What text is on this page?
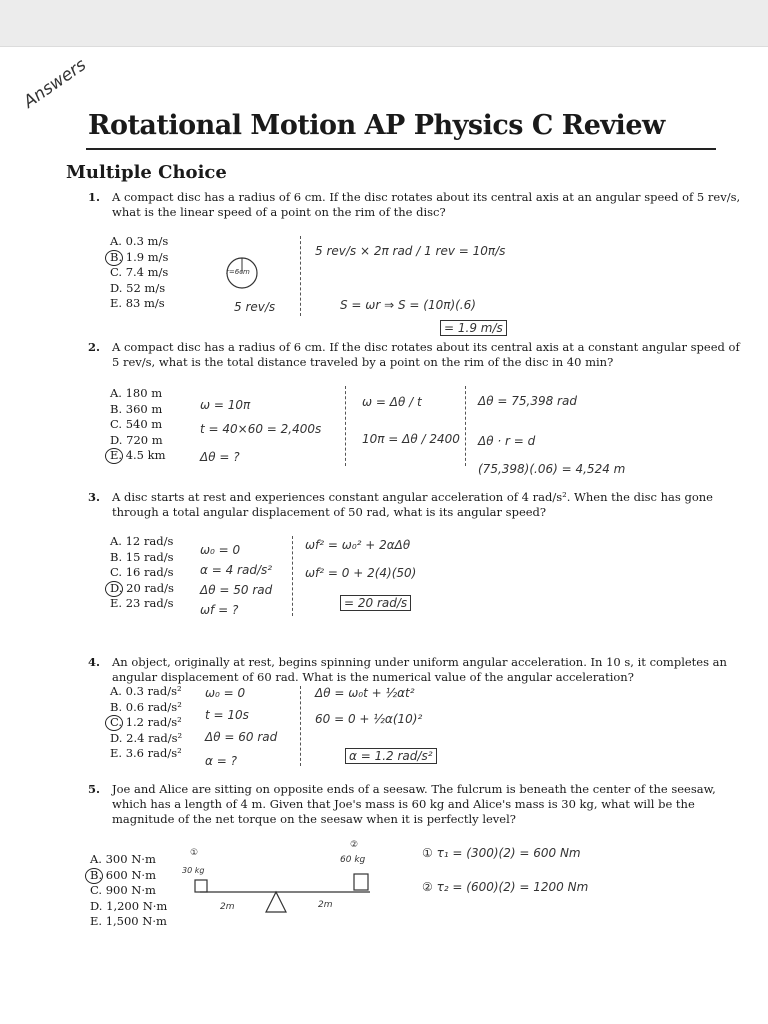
Answers
Rotational Motion AP Physics C Review
Multiple Choice
1. A compact disc has a radius of 6 cm. If the disc rotates about its central axis at an angular speed of 5 rev/s, what is the linear speed of a point on the rim of the disc?
A. 0.3 m/s
B. 1.9 m/s
C. 7.4 m/s
D. 52 m/s
E. 83 m/s
r=6cm
5 rev/s
5 rev/s × 2π rad / 1 rev = 10π/s
S = ωr ⇒ S = (10π)(.6)
= 1.9 m/s
2. A compact disc has a radius of 6 cm. If the disc rotates about its central axis at a constant angular speed of 5 rev/s, what is the total distance traveled by a point on the rim of the disc in 40 min?
A. 180 m
B. 360 m
C. 540 m
D. 720 m
E. 4.5 km
ω = 10π
t = 40×60 = 2,400s
Δθ = ?
ω = Δθ / t
10π = Δθ / 2400
Δθ = 75,398 rad
Δθ · r = d
(75,398)(.06) = 4,524 m
3. A disc starts at rest and experiences constant angular acceleration of 4 rad/s². When the disc has gone through a total angular displacement of 50 rad, what is its angular speed?
A. 12 rad/s
B. 15 rad/s
C. 16 rad/s
D. 20 rad/s
E. 23 rad/s
ω₀ = 0
α = 4 rad/s²
Δθ = 50 rad
ωf = ?
ωf² = ω₀² + 2αΔθ
ωf² = 0 + 2(4)(50)
= 20 rad/s
4. An object, originally at rest, begins spinning under uniform angular acceleration. In 10 s, it completes an angular displacement of 60 rad. What is the numerical value of the angular acceleration?
A. 0.3 rad/s²
B. 0.6 rad/s²
C. 1.2 rad/s²
D. 2.4 rad/s²
E. 3.6 rad/s²
ω₀ = 0
t = 10s
Δθ = 60 rad
α = ?
Δθ = ω₀t + ½αt²
60 = 0 + ½α(10)²
α = 1.2 rad/s²
5. Joe and Alice are sitting on opposite ends of a seesaw. The fulcrum is beneath the center of the seesaw, which has a length of 4 m. Given that Joe's mass is 60 kg and Alice's mass is 30 kg, what will be the magnitude of the net torque on the seesaw when it is perfectly level?
A. 300 N·m
B. 600 N·m
C. 900 N·m
D. 1,200 N·m
E. 1,500 N·m
30 kg
60 kg
2m	2m
①
②
① τ₁ = (300)(2) = 600 Nm
② τ₂ = (600)(2) = 1200 Nm
